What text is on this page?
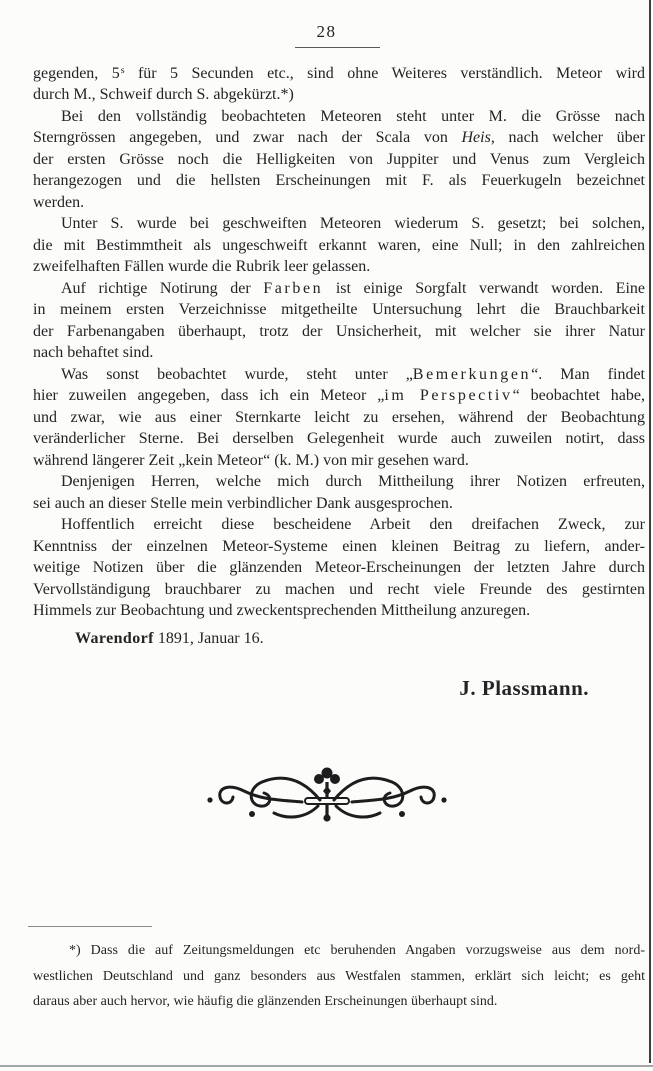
28
gegenden, 5$^s$ für 5 Secunden etc., sind ohne Weiteres verständlich. Meteor wird
durch M., Schweif durch S. abgekürzt.*)
Bei den vollständig beobachteten Meteoren steht unter M. die Grösse nach
Sterngrössen angegeben, und zwar nach der Scala von Heis, nach welcher über
der ersten Grösse noch die Helligkeiten von Juppiter und Venus zum Vergleich
herangezogen und die hellsten Erscheinungen mit F. als Feuerkugeln bezeichnet
werden.
Unter S. wurde bei geschweiften Meteoren wiederum S. gesetzt; bei solchen,
die mit Bestimmtheit als ungeschweift erkannt waren, eine Null; in den zahlreichen
zweifelhaften Fällen wurde die Rubrik leer gelassen.
Auf richtige Notirung der Farben ist einige Sorgfalt verwandt worden. Eine
in meinem ersten Verzeichnisse mitgetheilte Untersuchung lehrt die Brauchbarkeit
der Farbenangaben überhaupt, trotz der Unsicherheit, mit welcher sie ihrer Natur
nach behaftet sind.
Was sonst beobachtet wurde, steht unter „Bemerkungen“. Man findet
hier zuweilen angegeben, dass ich ein Meteor „im Perspectiv“ beobachtet habe,
und zwar, wie aus einer Sternkarte leicht zu ersehen, während der Beobachtung
veränderlicher Sterne. Bei derselben Gelegenheit wurde auch zuweilen notirt, dass
während längerer Zeit „kein Meteor“ (k. M.) von mir gesehen ward.
Denjenigen Herren, welche mich durch Mittheilung ihrer Notizen erfreuten,
sei auch an dieser Stelle mein verbindlicher Dank ausgesprochen.
Hoffentlich erreicht diese bescheidene Arbeit den dreifachen Zweck, zur
Kenntniss der einzelnen Meteor-Systeme einen kleinen Beitrag zu liefern, ander-
weitige Notizen über die glänzenden Meteor-Erscheinungen der letzten Jahre durch
Vervollständigung brauchbarer zu machen und recht viele Freunde des gestirnten
Himmels zur Beobachtung und zweckentsprechenden Mittheilung anzuregen.
Warendorf 1891, Januar 16.
J. Plassmann.
*) Dass die auf Zeitungsmeldungen etc beruhenden Angaben vorzugsweise aus dem nord-
westlichen Deutschland und ganz besonders aus Westfalen stammen, erklärt sich leicht; es geht
daraus aber auch hervor, wie häufig die glänzenden Erscheinungen überhaupt sind.
